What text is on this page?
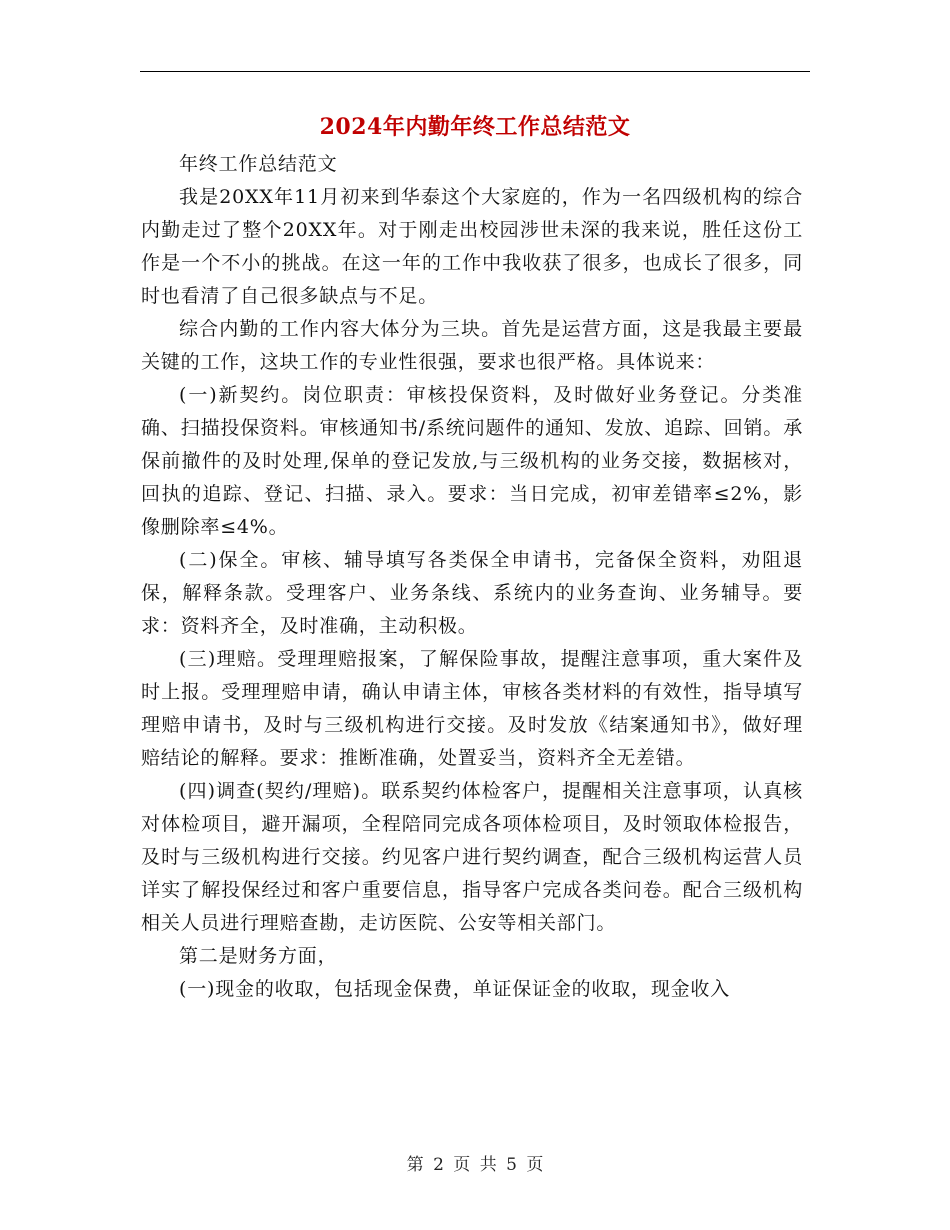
2024年内勤年终工作总结范文

年终工作总结范文

我是20XX年11月初来到华泰这个大家庭的，作为一名四级机构的综合内勤走过了整个20XX年。对于刚走出校园涉世未深的我来说，胜任这份工作是一个不小的挑战。在这一年的工作中我收获了很多，也成长了很多，同时也看清了自己很多缺点与不足。

综合内勤的工作内容大体分为三块。首先是运营方面，这是我最主要最关键的工作，这块工作的专业性很强，要求也很严格。具体说来：

(一)新契约。岗位职责：审核投保资料，及时做好业务登记。分类准确、扫描投保资料。审核通知书/系统问题件的通知、发放、追踪、回销。承保前撤件的及时处理,保单的登记发放,与三级机构的业务交接，数据核对，回执的追踪、登记、扫描、录入。要求：当日完成，初审差错率≤2%，影像删除率≤4%。

(二)保全。审核、辅导填写各类保全申请书，完备保全资料，劝阻退保，解释条款。受理客户、业务条线、系统内的业务查询、业务辅导。要求：资料齐全，及时准确，主动积极。

(三)理赔。受理理赔报案，了解保险事故，提醒注意事项，重大案件及时上报。受理理赔申请，确认申请主体，审核各类材料的有效性，指导填写理赔申请书，及时与三级机构进行交接。及时发放《结案通知书》，做好理赔结论的解释。要求：推断准确，处置妥当，资料齐全无差错。

(四)调查(契约/理赔)。联系契约体检客户，提醒相关注意事项，认真核对体检项目，避开漏项，全程陪同完成各项体检项目，及时领取体检报告，及时与三级机构进行交接。约见客户进行契约调查，配合三级机构运营人员详实了解投保经过和客户重要信息，指导客户完成各类问卷。配合三级机构相关人员进行理赔查勘，走访医院、公安等相关部门。

第二是财务方面，

(一)现金的收取，包括现金保费，单证保证金的收取，现金收入

第 2 页 共 5 页
